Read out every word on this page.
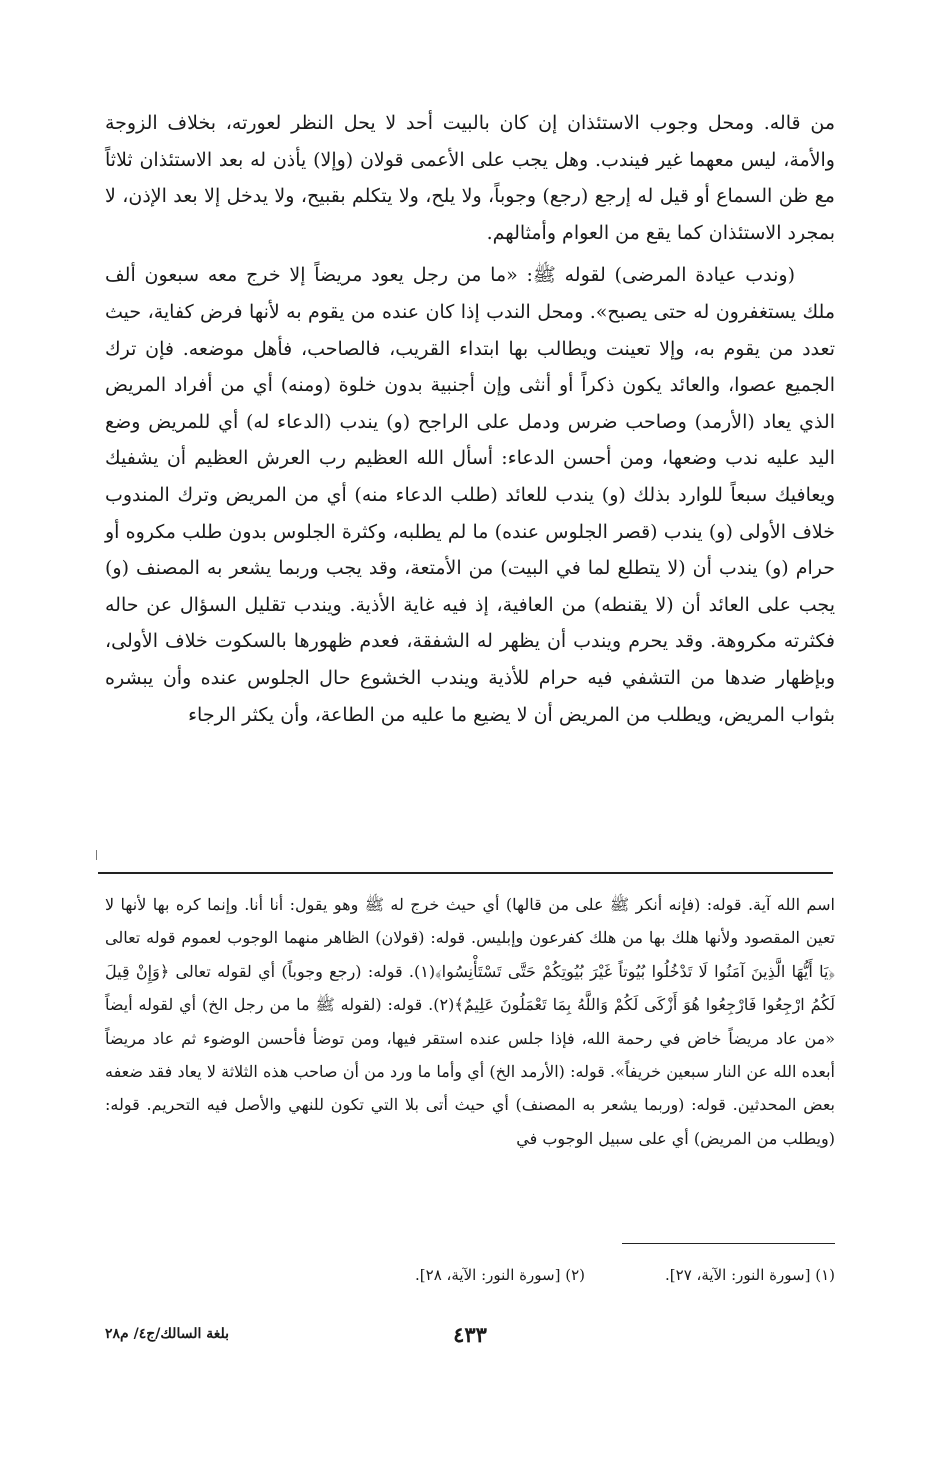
من قاله. ومحل وجوب الاستئذان إن كان بالبيت أحد لا يحل النظر لعورته، بخلاف الزوجة والأمة، ليس معهما غير فيندب. وهل يجب على الأعمى قولان (وإلا) يأذن له بعد الاستئذان ثلاثاً مع ظن السماع أو قيل له إرجع (رجع) وجوباً، ولا يلح، ولا يتكلم بقبيح، ولا يدخل إلا بعد الإذن، لا بمجرد الاستئذان كما يقع من العوام وأمثالهم.

(وندب عيادة المرضى) لقوله ﷺ: «ما من رجل يعود مريضاً إلا خرج معه سبعون ألف ملك يستغفرون له حتى يصبح». ومحل الندب إذا كان عنده من يقوم به لأنها فرض كفاية، حيث تعدد من يقوم به، وإلا تعينت ويطالب بها ابتداء القريب، فالصاحب، فأهل موضعه. فإن ترك الجميع عصوا، والعائد يكون ذكراً أو أنثى وإن أجنبية بدون خلوة (ومنه) أي من أفراد المريض الذي يعاد (الأرمد) وصاحب ضرس ودمل على الراجح (و) يندب (الدعاء له) أي للمريض وضع اليد عليه ندب وضعها، ومن أحسن الدعاء: أسأل الله العظيم رب العرش العظيم أن يشفيك ويعافيك سبعاً للوارد بذلك (و) يندب للعائد (طلب الدعاء منه) أي من المريض وترك المندوب خلاف الأولى (و) يندب (قصر الجلوس عنده) ما لم يطلبه، وكثرة الجلوس بدون طلب مكروه أو حرام (و) يندب أن (لا يتطلع لما في البيت) من الأمتعة، وقد يجب وربما يشعر به المصنف (و) يجب على العائد أن (لا يقنطه) من العافية، إذ فيه غاية الأذية. ويندب تقليل السؤال عن حاله فكثرته مكروهة. وقد يحرم ويندب أن يظهر له الشفقة، فعدم ظهورها بالسكوت خلاف الأولى، وبإظهار ضدها من التشفي فيه حرام للأذية ويندب الخشوع حال الجلوس عنده وأن يبشره بثواب المريض، ويطلب من المريض أن لا يضيع ما عليه من الطاعة، وأن يكثر الرجاء

اسم الله آية. قوله: (فإنه أنكر ﷺ على من قالها) أي حيث خرج له ﷺ وهو يقول: أنا أنا. وإنما كره بها لأنها لا تعين المقصود ولأنها هلك بها من هلك كفرعون وإبليس. قوله: (قولان) الظاهر منهما الوجوب لعموم قوله تعالى ﴿يَا أَيُّهَا الَّذِينَ آمَنُوا لَا تَدْخُلُوا بُيُوتاً غَيْرَ بُيُوتِكُمْ حَتَّى تَسْتَأْنِسُوا﴾(١). قوله: (رجع وجوباً) أي لقوله تعالى ﴿وَإِنْ قِيلَ لَكُمُ ارْجِعُوا فَارْجِعُوا هُوَ أَزْكَى لَكُمْ وَاللَّهُ بِمَا تَعْمَلُونَ عَلِيمٌ﴾(٢). قوله: (لقوله ﷺ ما من رجل الخ) أي لقوله أيضاً «من عاد مريضاً خاض في رحمة الله، فإذا جلس عنده استقر فيها، ومن توضأ فأحسن الوضوء ثم عاد مريضاً أبعده الله عن النار سبعين خريفاً». قوله: (الأرمد الخ) أي وأما ما ورد من أن صاحب هذه الثلاثة لا يعاد فقد ضعفه بعض المحدثين. قوله: (وربما يشعر به المصنف) أي حيث أتى بلا التي تكون للنهي والأصل فيه التحريم. قوله: (ويطلب من المريض) أي على سبيل الوجوب في

(١) [سورة النور: الآية، ٢٧].
(٢) [سورة النور: الآية، ٢٨].
٤٣٣
بلغة السالك/ج٤/ م٢٨
